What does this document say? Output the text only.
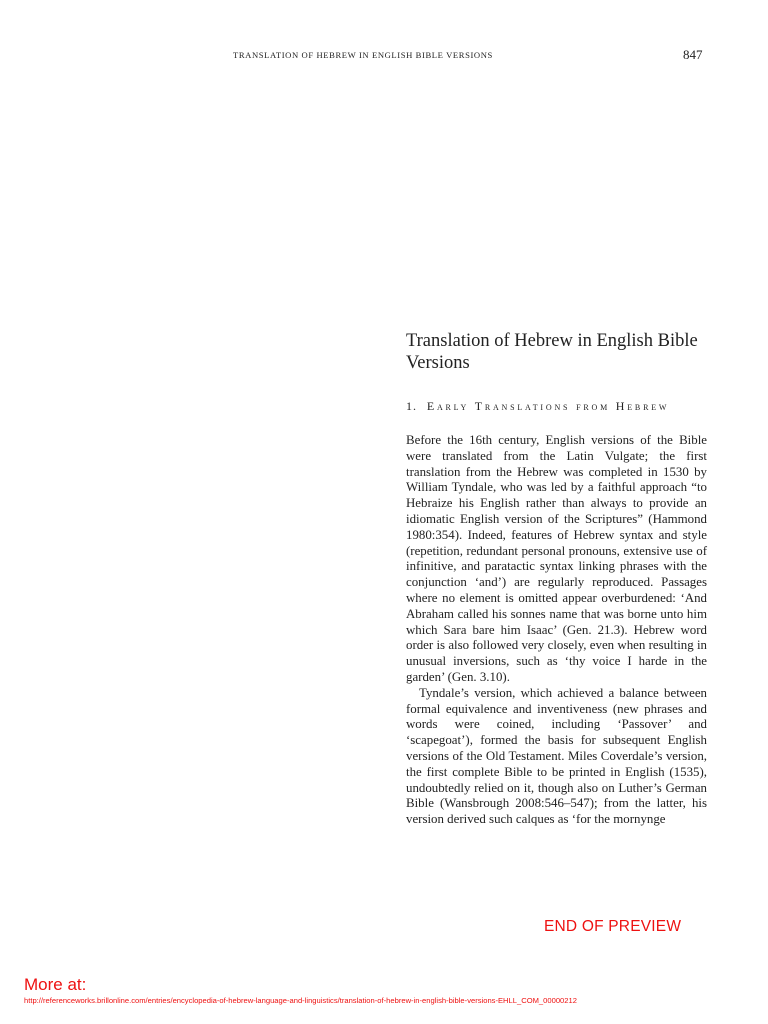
TRANSLATION OF HEBREW IN ENGLISH BIBLE VERSIONS	847
Translation of Hebrew in English Bible Versions
1. Early Translations from Hebrew

Before the 16th century, English versions of the Bible were translated from the Latin Vulgate; the first translation from the Hebrew was completed in 1530 by William Tyndale, who was led by a faithful approach “to Hebraize his English rather than always to provide an idiomatic English version of the Scriptures” (Hammond 1980:354). Indeed, features of Hebrew syntax and style (repetition, redundant personal pronouns, extensive use of infinitive, and paratactic syntax linking phrases with the conjunction ‘and’) are regularly reproduced. Passages where no element is omitted appear overburdened: ‘And Abraham called his sonnes name that was borne unto him which Sara bare him Isaac’ (Gen. 21.3). Hebrew word order is also followed very closely, even when resulting in unusual inversions, such as ‘thy voice I harde in the garden’ (Gen. 3.10).

Tyndale’s version, which achieved a balance between formal equivalence and inventiveness (new phrases and words were coined, including ‘Passover’ and ‘scapegoat’), formed the basis for subsequent English versions of the Old Testament. Miles Coverdale’s version, the first complete Bible to be printed in English (1535), undoubtedly relied on it, though also on Luther’s German Bible (Wansbrough 2008:546–547); from the latter, his version derived such calques as ‘for the mornynge

END OF PREVIEW
More at:
http://referenceworks.brillonline.com/entries/encyclopedia-of-hebrew-language-and-linguistics/translation-of-hebrew-in-english-bible-versions-EHLL_COM_00000212
